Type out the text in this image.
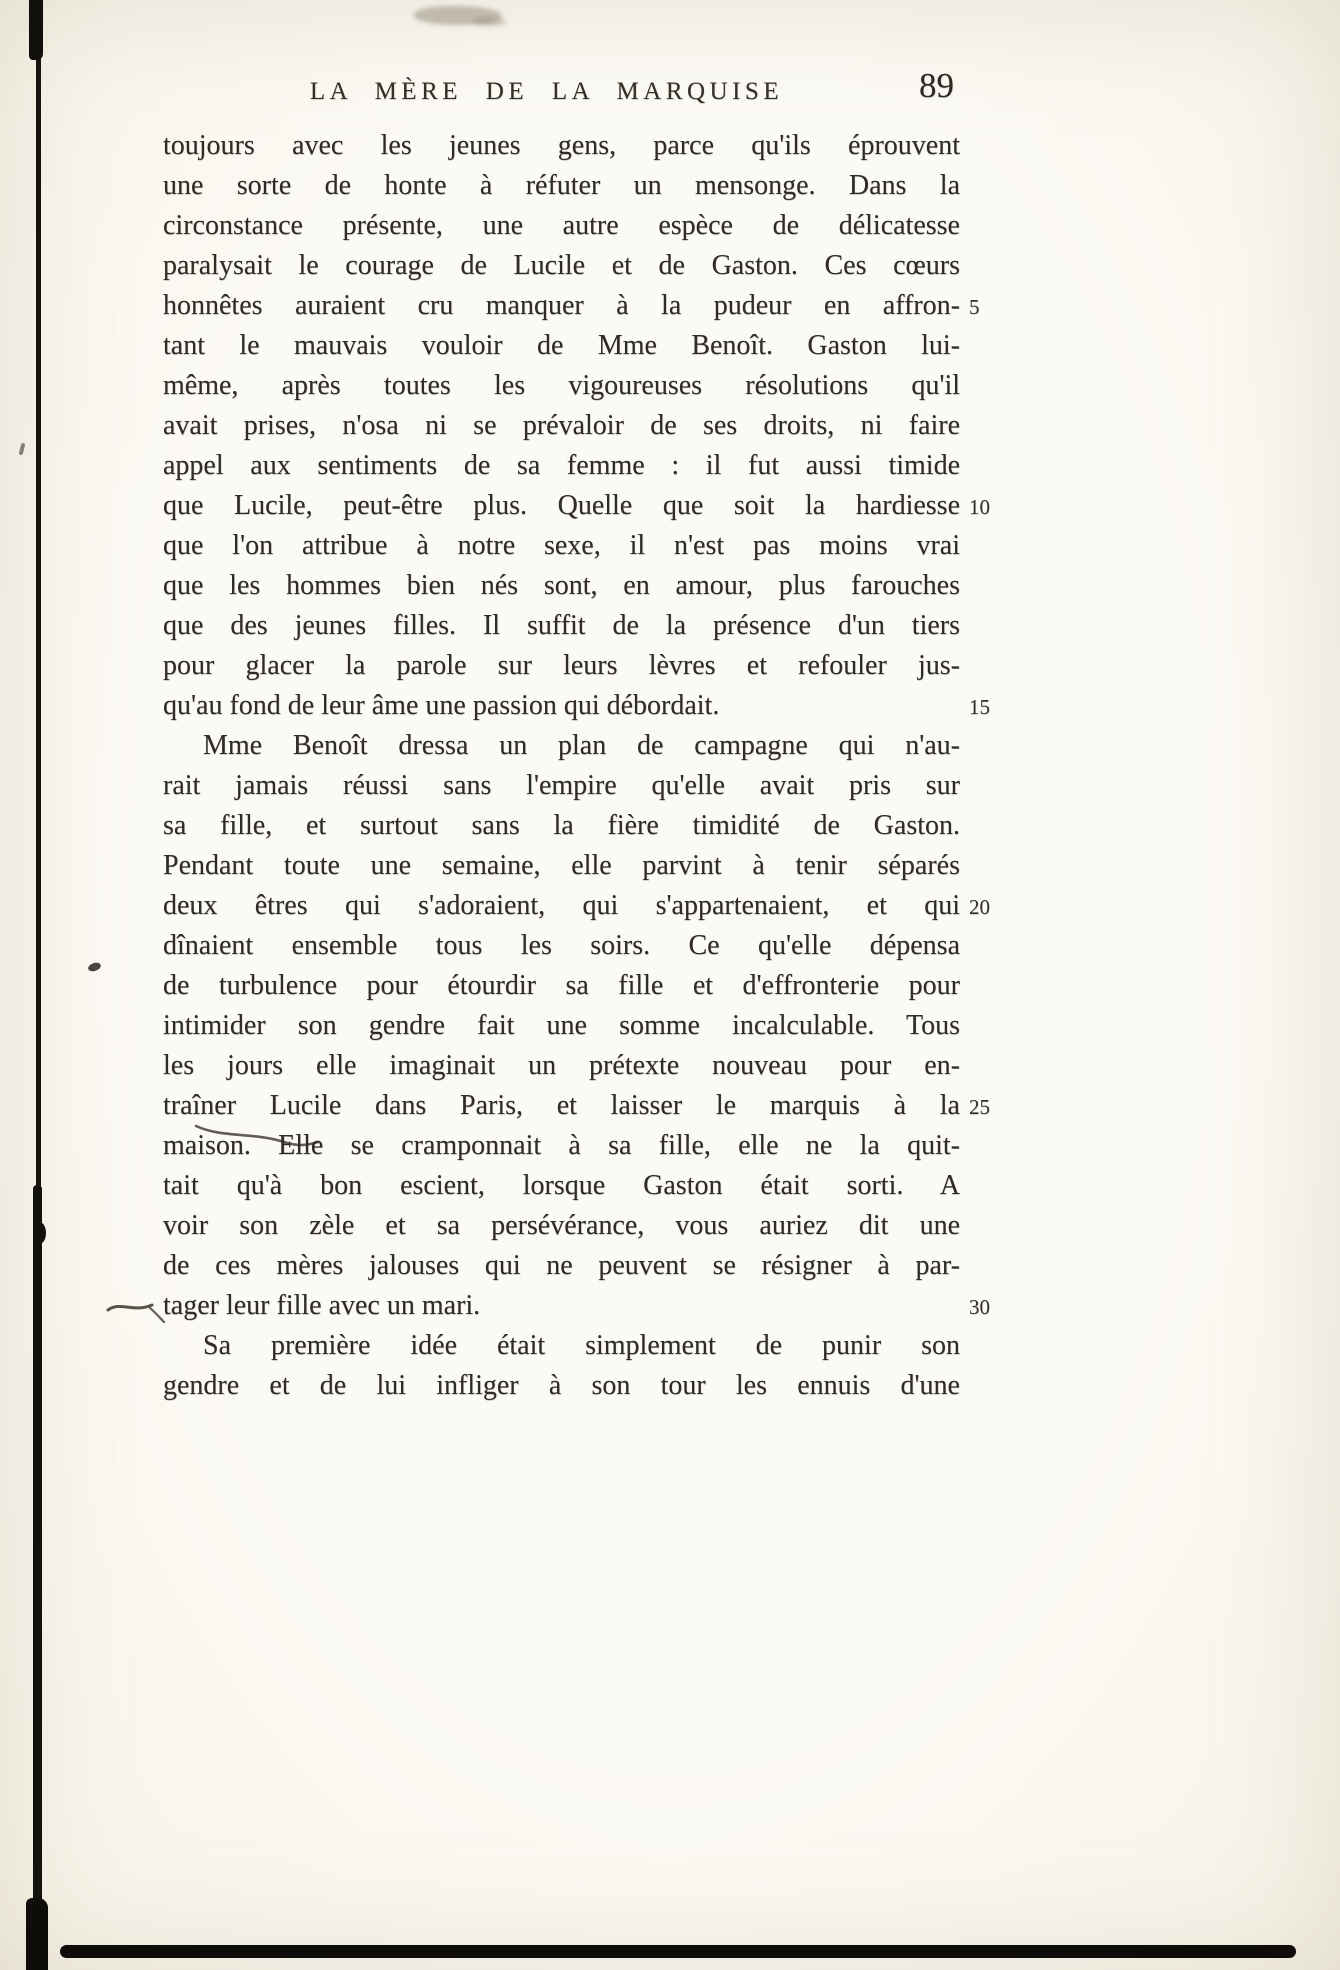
LA MÈRE DE LA MARQUISE	89
toujours avec les jeunes gens, parce qu'ils éprouvent
une sorte de honte à réfuter un mensonge. Dans la
circonstance présente, une autre espèce de délicatesse
paralysait le courage de Lucile et de Gaston. Ces cœurs
honnêtes auraient cru manquer à la pudeur en affron- 5
tant le mauvais vouloir de Mme Benoît. Gaston lui-
même, après toutes les vigoureuses résolutions qu'il
avait prises, n'osa ni se prévaloir de ses droits, ni faire
appel aux sentiments de sa femme : il fut aussi timide
que Lucile, peut-être plus. Quelle que soit la hardiesse 10
que l'on attribue à notre sexe, il n'est pas moins vrai
que les hommes bien nés sont, en amour, plus farouches
que des jeunes filles. Il suffit de la présence d'un tiers
pour glacer la parole sur leurs lèvres et refouler jus-
qu'au fond de leur âme une passion qui débordait.	15
Mme Benoît dressa un plan de campagne qui n'au-
rait jamais réussi sans l'empire qu'elle avait pris sur
sa fille, et surtout sans la fière timidité de Gaston.
Pendant toute une semaine, elle parvint à tenir séparés
deux êtres qui s'adoraient, qui s'appartenaient, et qui 20
dînaient ensemble tous les soirs. Ce qu'elle dépensa
de turbulence pour étourdir sa fille et d'effronterie pour
intimider son gendre fait une somme incalculable. Tous
les jours elle imaginait un prétexte nouveau pour en-
traîner Lucile dans Paris, et laisser le marquis à la 25
maison. Elle se cramponnait à sa fille, elle ne la quit-
tait qu'à bon escient, lorsque Gaston était sorti. A
voir son zèle et sa persévérance, vous auriez dit une
de ces mères jalouses qui ne peuvent se résigner à par-
tager leur fille avec un mari.	30
Sa première idée était simplement de punir son
gendre et de lui infliger à son tour les ennuis d'une
